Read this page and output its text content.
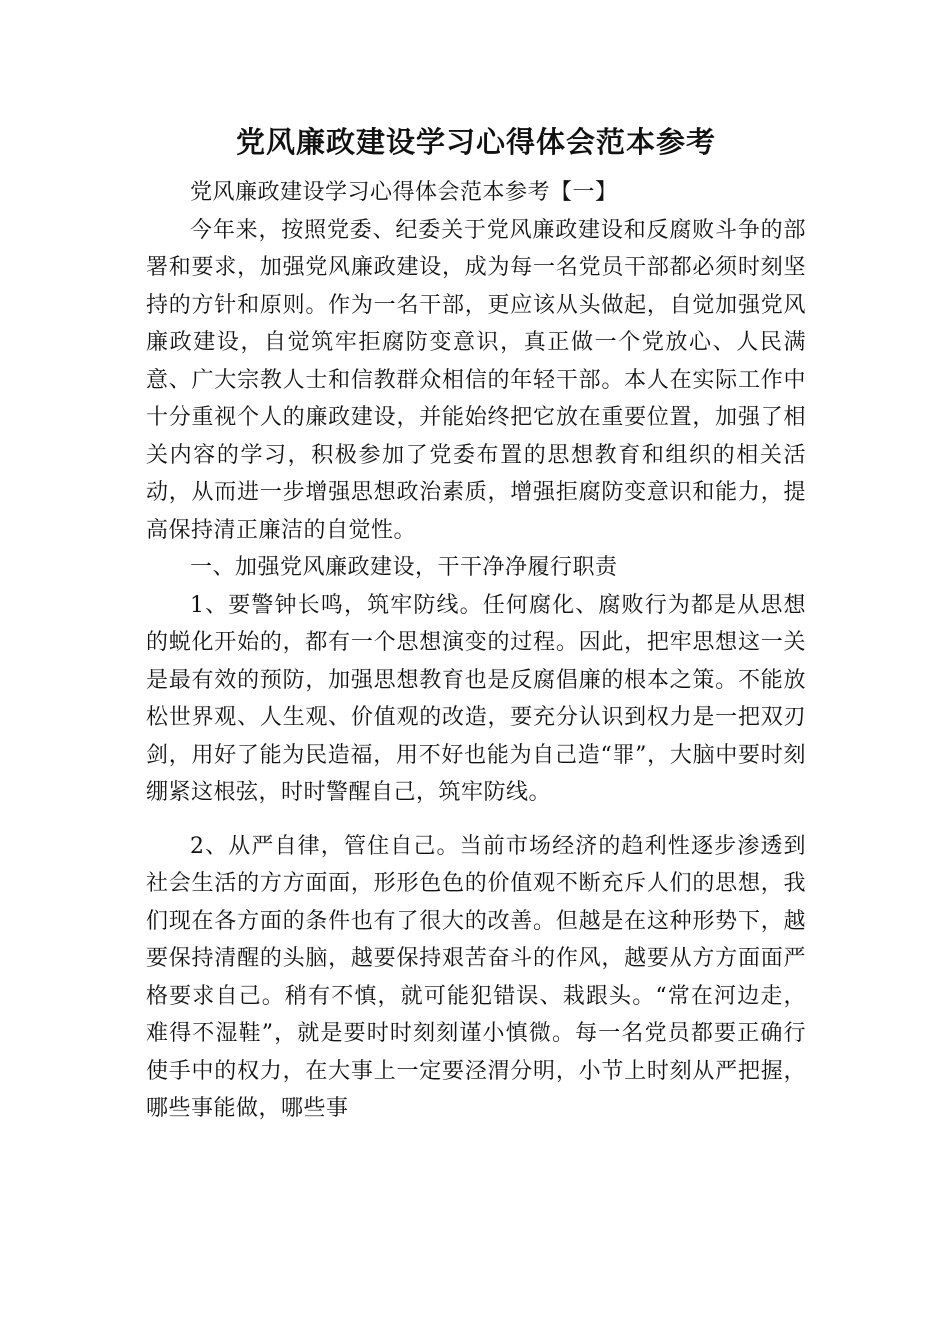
党风廉政建设学习心得体会范本参考

党风廉政建设学习心得体会范本参考【一】

今年来，按照党委、纪委关于党风廉政建设和反腐败斗争的部署和要求，加强党风廉政建设，成为每一名党员干部都必须时刻坚持的方针和原则。作为一名干部，更应该从头做起，自觉加强党风廉政建设，自觉筑牢拒腐防变意识，真正做一个党放心、人民满意、广大宗教人士和信教群众相信的年轻干部。本人在实际工作中十分重视个人的廉政建设，并能始终把它放在重要位置，加强了相关内容的学习，积极参加了党委布置的思想教育和组织的相关活动，从而进一步增强思想政治素质，增强拒腐防变意识和能力，提高保持清正廉洁的自觉性。

一、加强党风廉政建设，干干净净履行职责

1、要警钟长鸣，筑牢防线。任何腐化、腐败行为都是从思想的蜕化开始的，都有一个思想演变的过程。因此，把牢思想这一关是最有效的预防，加强思想教育也是反腐倡廉的根本之策。不能放松世界观、人生观、价值观的改造，要充分认识到权力是一把双刃剑，用好了能为民造福，用不好也能为自己造“罪”，大脑中要时刻绷紧这根弦，时时警醒自己，筑牢防线。

2、从严自律，管住自己。当前市场经济的趋利性逐步渗透到社会生活的方方面面，形形色色的价值观不断充斥人们的思想，我们现在各方面的条件也有了很大的改善。但越是在这种形势下，越要保持清醒的头脑，越要保持艰苦奋斗的作风，越要从方方面面严格要求自己。稍有不慎，就可能犯错误、栽跟头。“常在河边走，难得不湿鞋”，就是要时时刻刻谨小慎微。每一名党员都要正确行使手中的权力，在大事上一定要泾渭分明，小节上时刻从严把握，哪些事能做，哪些事
